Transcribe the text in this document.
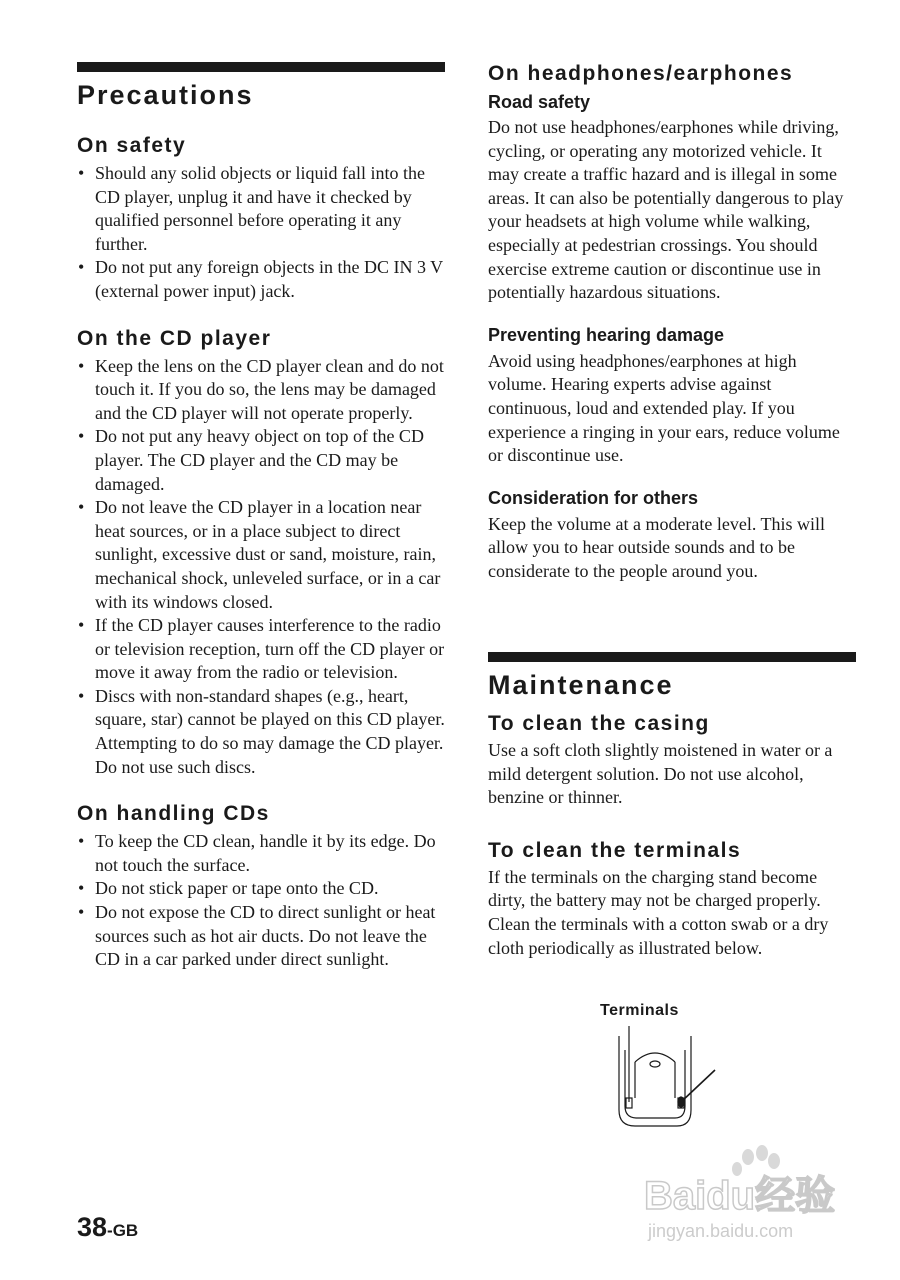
Precautions
On safety
• Should any solid objects or liquid fall into the CD player, unplug it and have it checked by qualified personnel before operating it any further.
• Do not put any foreign objects in the DC IN 3 V (external power input) jack.
On the CD player
• Keep the lens on the CD player clean and do not touch it. If you do so, the lens may be damaged and the CD player will not operate properly.
• Do not put any heavy object on top of the CD player. The CD player and the CD may be damaged.
• Do not leave the CD player in a location near heat sources, or in a place subject to direct sunlight, excessive dust or sand, moisture, rain, mechanical shock, unleveled surface, or in a car with its windows closed.
• If the CD player causes interference to the radio or television reception, turn off the CD player or move it away from the radio or television.
• Discs with non-standard shapes (e.g., heart, square, star) cannot be played on this CD player. Attempting to do so may damage the CD player. Do not use such discs.
On handling CDs
• To keep the CD clean, handle it by its edge. Do not touch the surface.
• Do not stick paper or tape onto the CD.
• Do not expose the CD to direct sunlight or heat sources such as hot air ducts. Do not leave the CD in a car parked under direct sunlight.
On headphones/earphones
Road safety

Do not use headphones/earphones while driving, cycling, or operating any motorized vehicle. It may create a traffic hazard and is illegal in some areas. It can also be potentially dangerous to play your headsets at high volume while walking, especially at pedestrian crossings. You should exercise extreme caution or discontinue use in potentially hazardous situations.

Preventing hearing damage

Avoid using headphones/earphones at high volume. Hearing experts advise against continuous, loud and extended play. If you experience a ringing in your ears, reduce volume or discontinue use.

Consideration for others

Keep the volume at a moderate level. This will allow you to hear outside sounds and to be considerate to the people around you.

Maintenance
To clean the casing

Use a soft cloth slightly moistened in water or a mild detergent solution. Do not use alcohol, benzine or thinner.

To clean the terminals

If the terminals on the charging stand become dirty, the battery may not be charged properly. Clean the terminals with a cotton swab or a dry cloth periodically as illustrated below.

Terminals
38-GB
Baidu经验
jingyan.baidu.com
